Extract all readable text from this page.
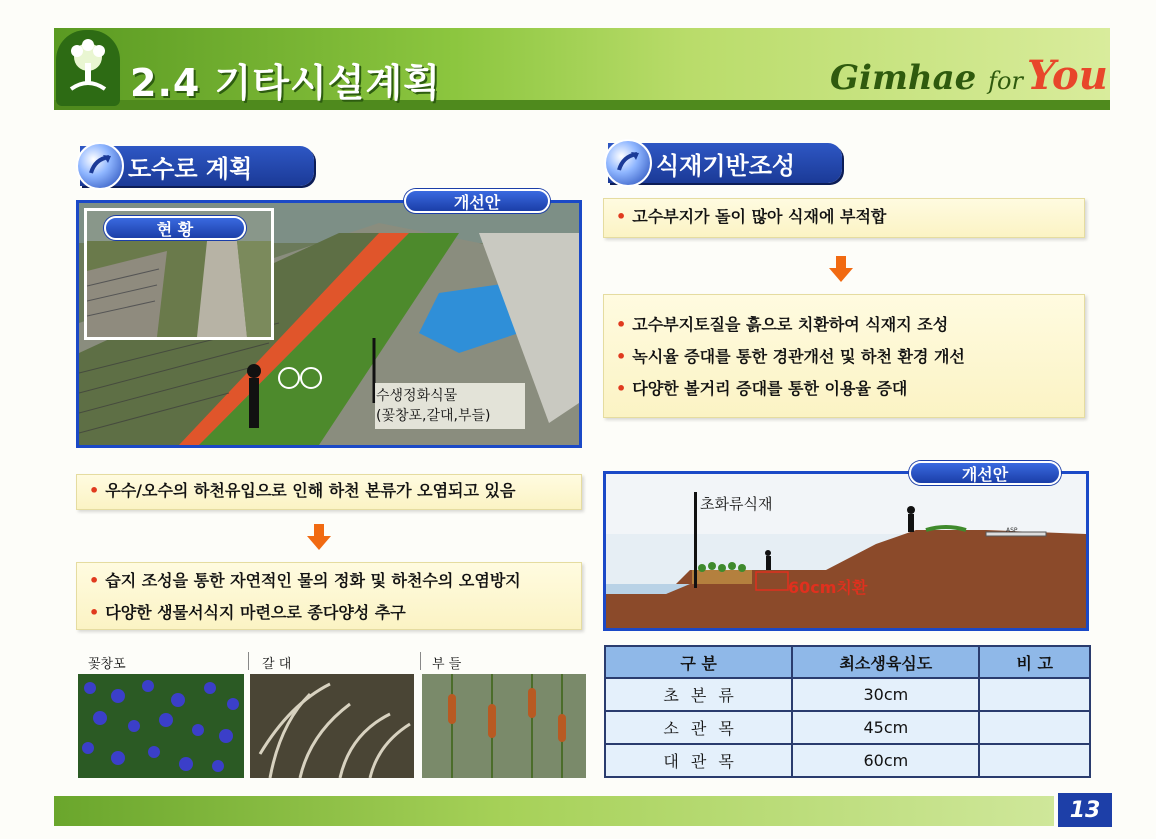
2.4 기타시설계획	Gimhae for You
도수로 계획
현 황
개선안
수생정화식물
(꽃창포,갈대,부들)
• 우수/오수의 하천유입으로 인해 하천 본류가 오염되고 있음
• 습지 조성을 통한 자연적인 물의 정화 및 하천수의 오염방지
• 다양한 생물서식지 마련으로 종다양성 추구
꽃창포	갈 대	부 들
식재기반조성
• 고수부지가 돌이 많아 식재에 부적합
• 고수부지토질을 흙으로 치환하여 식재지 조성
• 녹시율 증대를 통한 경관개선 및 하천 환경 개선
• 다양한 볼거리 증대를 통한 이용율 증대
개선안
초화류식재
60cm치환
ASP
구 분	최소생육심도	비 고
초본류	30cm	
소관목	45cm	
대관목	60cm	
13
